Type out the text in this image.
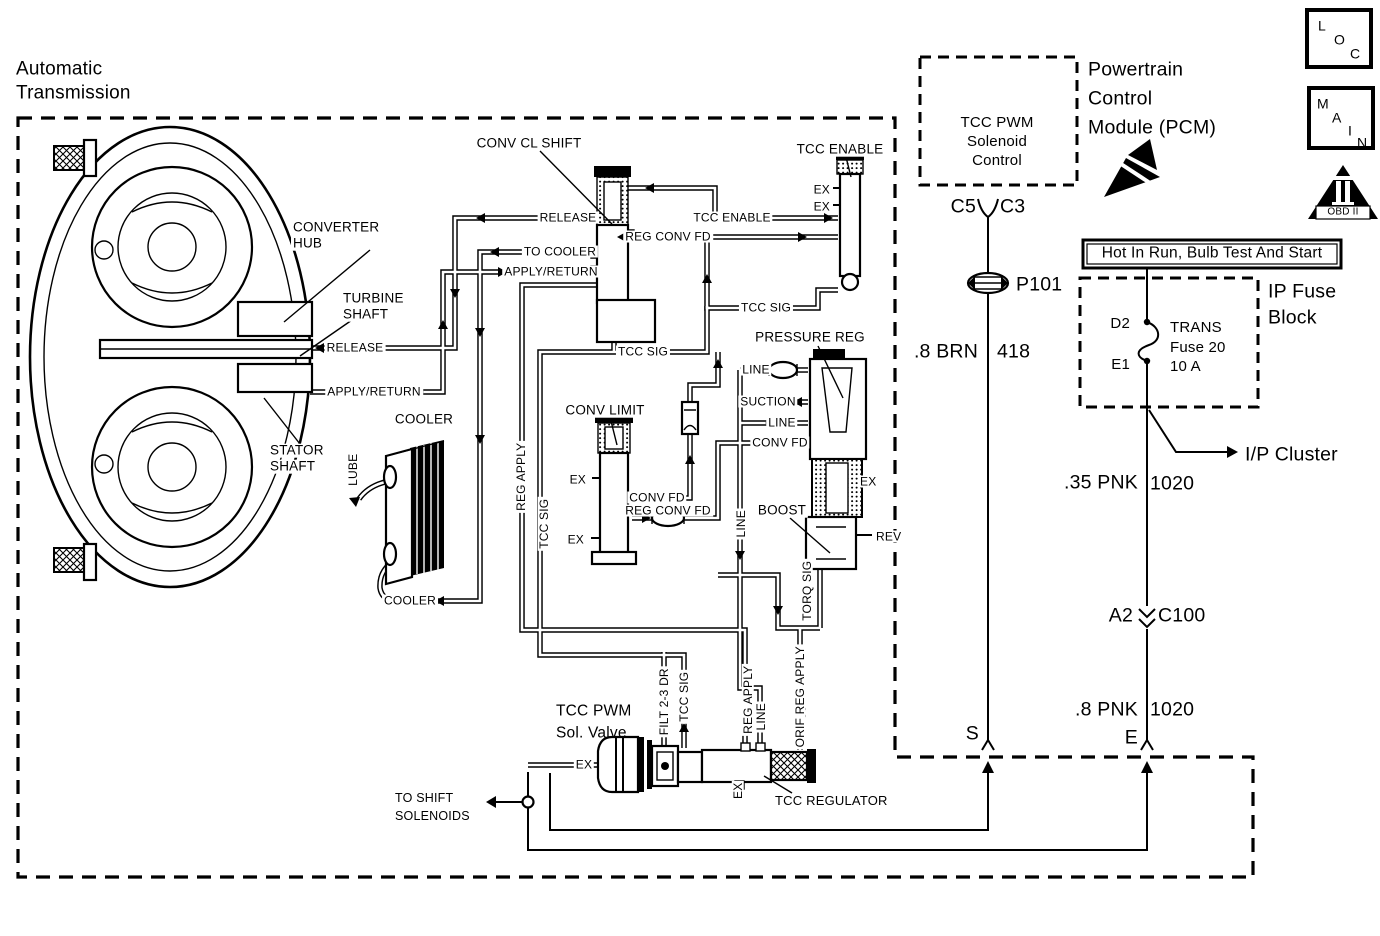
Automatic
Transmission
Powertrain
Control
Module (PCM)
TCC PWM
Solenoid
Control
Hot In Run, Bulb Test And Start
IP Fuse
Block
D2
E1
TRANS
Fuse 20
10 A
I/P Cluster
C5 C3
P101
.8 BRN 418
.35 PNK 1020
A2 C100
.8 PNK 1020
S	E
L
O
C
M
A
I
N
OBD II
CONV CL SHIFT	TCC ENABLE
CONVERTER
HUB
TURBINE
SHAFT
STATOR
SHAFT
COOLER
CONV LIMIT
PRESSURE REG
BOOST
TCC PWM
Sol. Valve
TCC REGULATOR
TO SHIFT
SOLENOIDS
RELEASE
APPLY/RETURN
RELEASE
TO COOLER
APPLY/RETURN
TCC ENABLE
REG CONV FD
EX
EX
TCC SIG
TCC SIG
TCC SIG
TCC SIG
REG APPLY
REG APPLY
FILT 2-3 DR	ORIF REG APPLY
LINE
LINE
TORQ SIG
LINE
SUCTION
LINE
CONV FD
CONV FD
REG CONV FD
EX
EX
EX
REV
LUBE
COOLER
EX
EX
